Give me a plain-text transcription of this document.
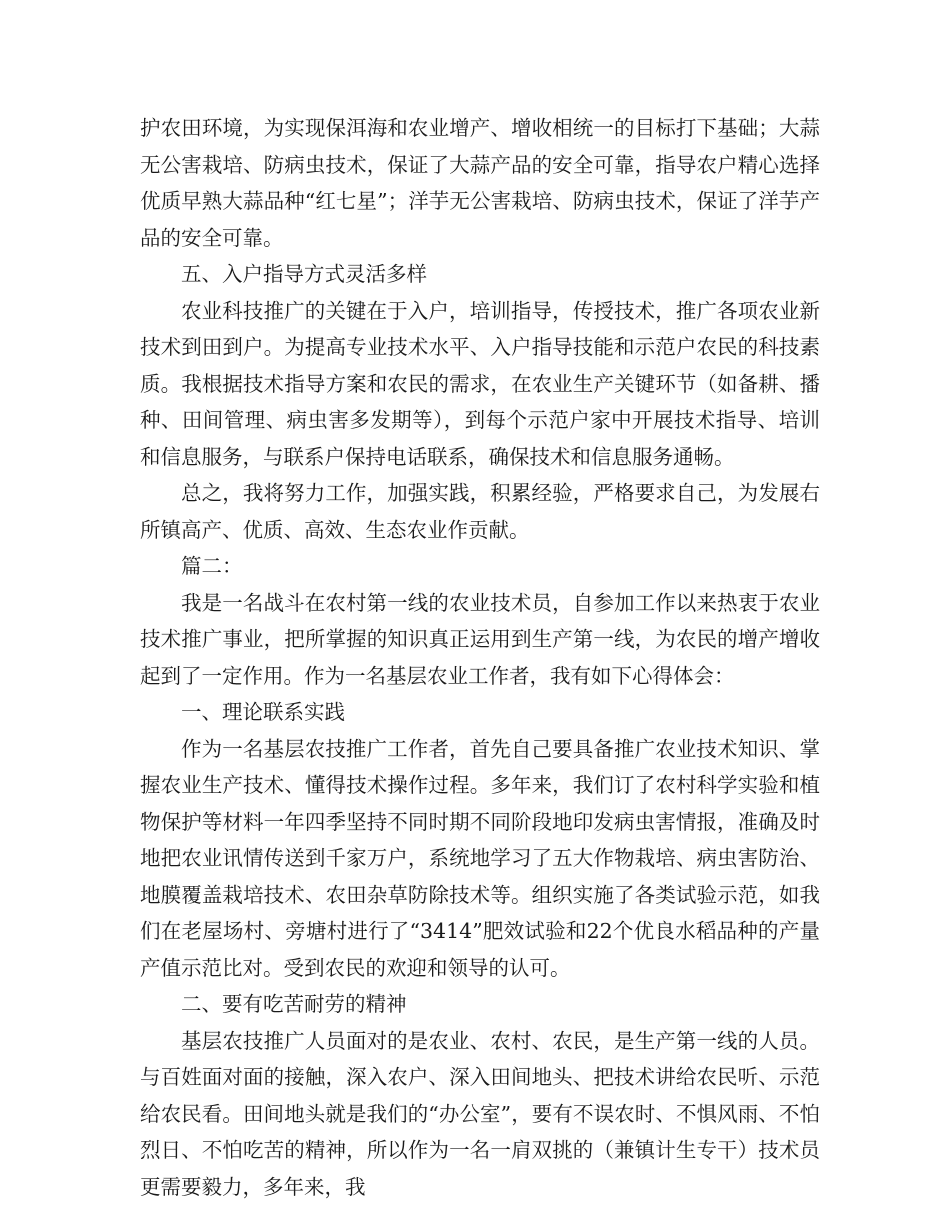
护农田环境，为实现保洱海和农业增产、增收相统一的目标打下基础；大蒜无公害栽培、防病虫技术，保证了大蒜产品的安全可靠，指导农户精心选择优质早熟大蒜品种“红七星”；洋芋无公害栽培、防病虫技术，保证了洋芋产品的安全可靠。

五、入户指导方式灵活多样

农业科技推广的关键在于入户，培训指导，传授技术，推广各项农业新技术到田到户。为提高专业技术水平、入户指导技能和示范户农民的科技素质。我根据技术指导方案和农民的需求，在农业生产关键环节（如备耕、播种、田间管理、病虫害多发期等），到每个示范户家中开展技术指导、培训和信息服务，与联系户保持电话联系，确保技术和信息服务通畅。

总之，我将努力工作，加强实践，积累经验，严格要求自己，为发展右所镇高产、优质、高效、生态农业作贡献。

篇二：

我是一名战斗在农村第一线的农业技术员，自参加工作以来热衷于农业技术推广事业，把所掌握的知识真正运用到生产第一线，为农民的增产增收起到了一定作用。作为一名基层农业工作者，我有如下心得体会：

一、理论联系实践

作为一名基层农技推广工作者，首先自己要具备推广农业技术知识、掌握农业生产技术、懂得技术操作过程。多年来，我们订了农村科学实验和植物保护等材料一年四季坚持不同时期不同阶段地印发病虫害情报，准确及时地把农业讯情传送到千家万户，系统地学习了五大作物栽培、病虫害防治、地膜覆盖栽培技术、农田杂草防除技术等。组织实施了各类试验示范，如我们在老屋场村、旁塘村进行了“3414”肥效试验和22个优良水稻品种的产量产值示范比对。受到农民的欢迎和领导的认可。

二、要有吃苦耐劳的精神

基层农技推广人员面对的是农业、农村、农民，是生产第一线的人员。与百姓面对面的接触，深入农户、深入田间地头、把技术讲给农民听、示范给农民看。田间地头就是我们的“办公室”，要有不误农时、不惧风雨、不怕烈日、不怕吃苦的精神，所以作为一名一肩双挑的（兼镇计生专干）技术员更需要毅力，多年来，我
